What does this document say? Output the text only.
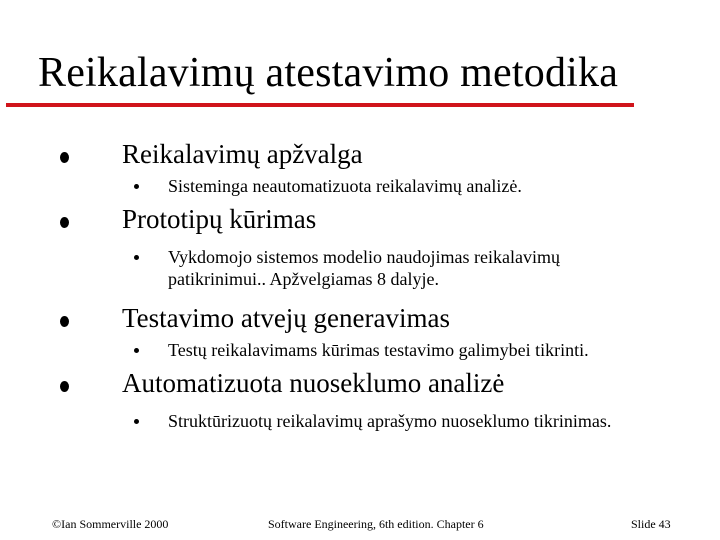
Reikalavimų atestavimo metodika
Reikalavimų apžvalga
Sisteminga neautomatizuota reikalavimų analizė.
Prototipų kūrimas
Vykdomojo sistemos modelio naudojimas reikalavimų
patikrinimui.. Apžvelgiamas 8 dalyje.
Testavimo atvejų generavimas
Testų reikalavimams kūrimas testavimo galimybei tikrinti.
Automatizuota nuoseklumo analizė
Struktūrizuotų reikalavimų aprašymo nuoseklumo tikrinimas.
©Ian Sommerville 2000	Software Engineering, 6th edition. Chapter 6	Slide 43
